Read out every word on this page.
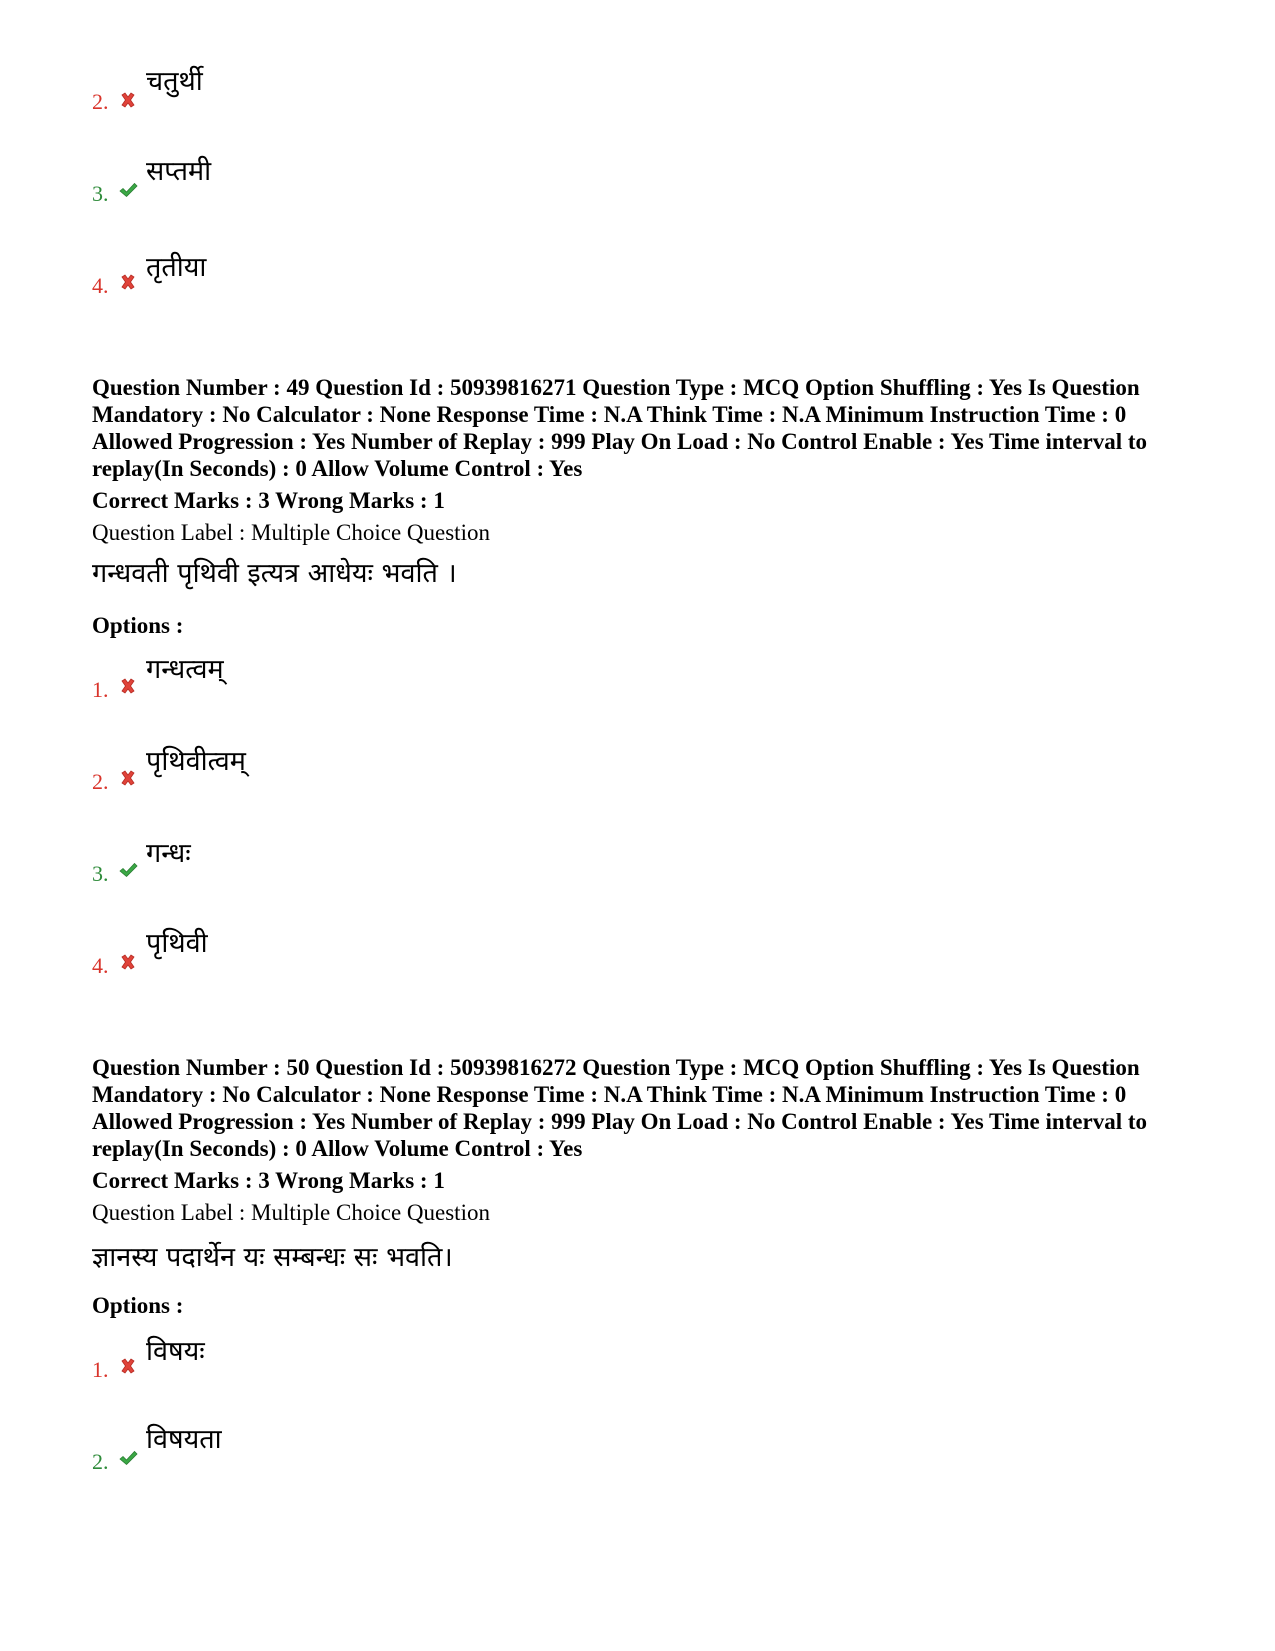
2.
चतुर्थी
3.
सप्तमी
4.
तृतीया
Question Number : 49 Question Id : 50939816271 Question Type : MCQ Option Shuffling : Yes Is Question Mandatory : No Calculator : None Response Time : N.A Think Time : N.A Minimum Instruction Time : 0 Allowed Progression : Yes Number of Replay : 999 Play On Load : No Control Enable : Yes Time interval to replay(In Seconds) : 0 Allow Volume Control : Yes
Correct Marks : 3 Wrong Marks : 1
Question Label : Multiple Choice Question
गन्धवती पृथिवी इत्यत्र आधेयः भवति ।
Options :
1.
गन्धत्वम्
2.
पृथिवीत्वम्
3.
गन्धः
4.
पृथिवी
Question Number : 50 Question Id : 50939816272 Question Type : MCQ Option Shuffling : Yes Is Question Mandatory : No Calculator : None Response Time : N.A Think Time : N.A Minimum Instruction Time : 0 Allowed Progression : Yes Number of Replay : 999 Play On Load : No Control Enable : Yes Time interval to replay(In Seconds) : 0 Allow Volume Control : Yes
Correct Marks : 3 Wrong Marks : 1
Question Label : Multiple Choice Question
ज्ञानस्य पदार्थेन यः सम्बन्धः सः भवति।
Options :
1.
विषयः
2.
विषयता
